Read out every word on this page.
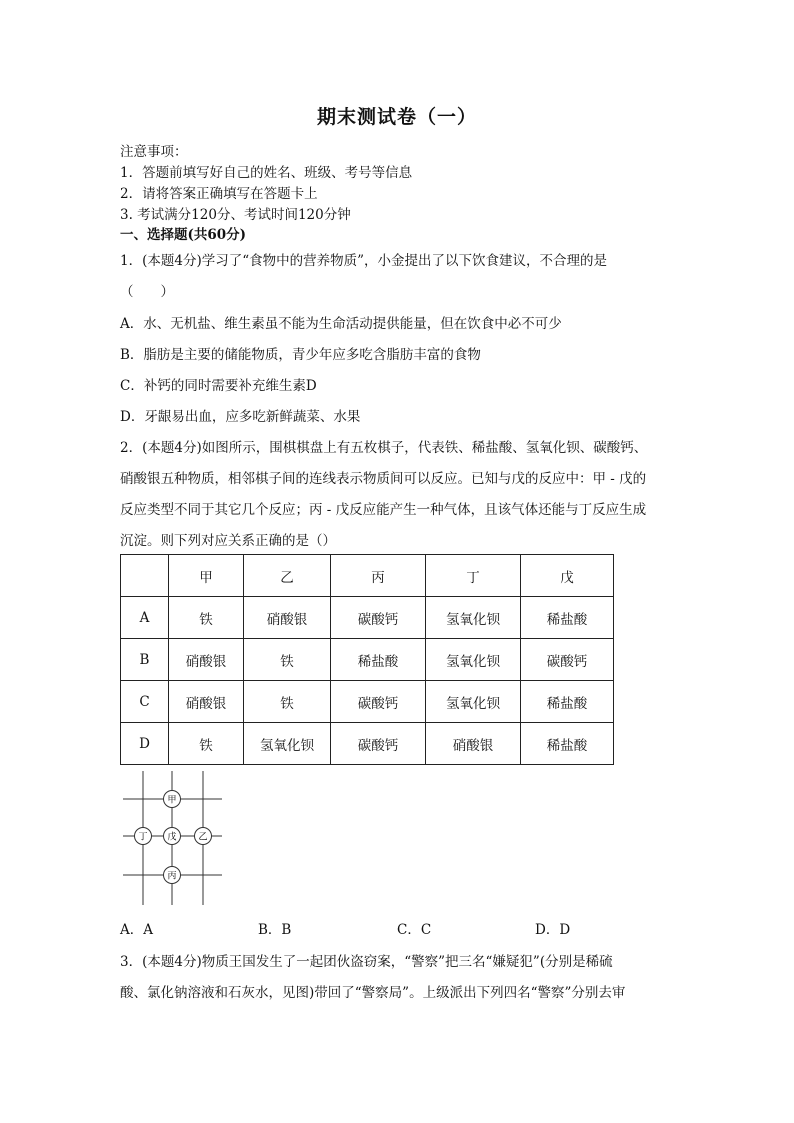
期末测试卷（一）
注意事项：
1．答题前填写好自己的姓名、班级、考号等信息
2．请将答案正确填写在答题卡上
3. 考试满分120分、考试时间120分钟
一、选择题(共60分)
1．(本题4分)学习了“食物中的营养物质”，小金提出了以下饮食建议，不合理的是
（　　）
A．水、无机盐、维生素虽不能为生命活动提供能量，但在饮食中必不可少
B．脂肪是主要的储能物质，青少年应多吃含脂肪丰富的食物
C．补钙的同时需要补充维生素D
D．牙龈易出血，应多吃新鲜蔬菜、水果
2．(本题4分)如图所示，围棋棋盘上有五枚棋子，代表铁、稀盐酸、氢氧化钡、碳酸钙、
硝酸银五种物质，相邻棋子间的连线表示物质间可以反应。已知与戊的反应中：甲 - 戊的
反应类型不同于其它几个反应；丙 - 戊反应能产生一种气体，且该气体还能与丁反应生成
沉淀。则下列对应关系正确的是（）
	甲	乙	丙	丁	戊
A	铁	硝酸银	碳酸钙	氢氧化钡	稀盐酸
B	硝酸银	铁	稀盐酸	氢氧化钡	碳酸钙
C	硝酸银	铁	碳酸钙	氢氧化钡	稀盐酸
D	铁	氢氧化钡	碳酸钙	硝酸银	稀盐酸
甲
丁 戊 乙
丙
A．A	B．B	C．C	D．D
3．(本题4分)物质王国发生了一起团伙盗窃案，“警察”把三名“嫌疑犯”(分别是稀硫
酸、氯化钠溶液和石灰水，见图)带回了“警察局”。上级派出下列四名“警察”分别去审
